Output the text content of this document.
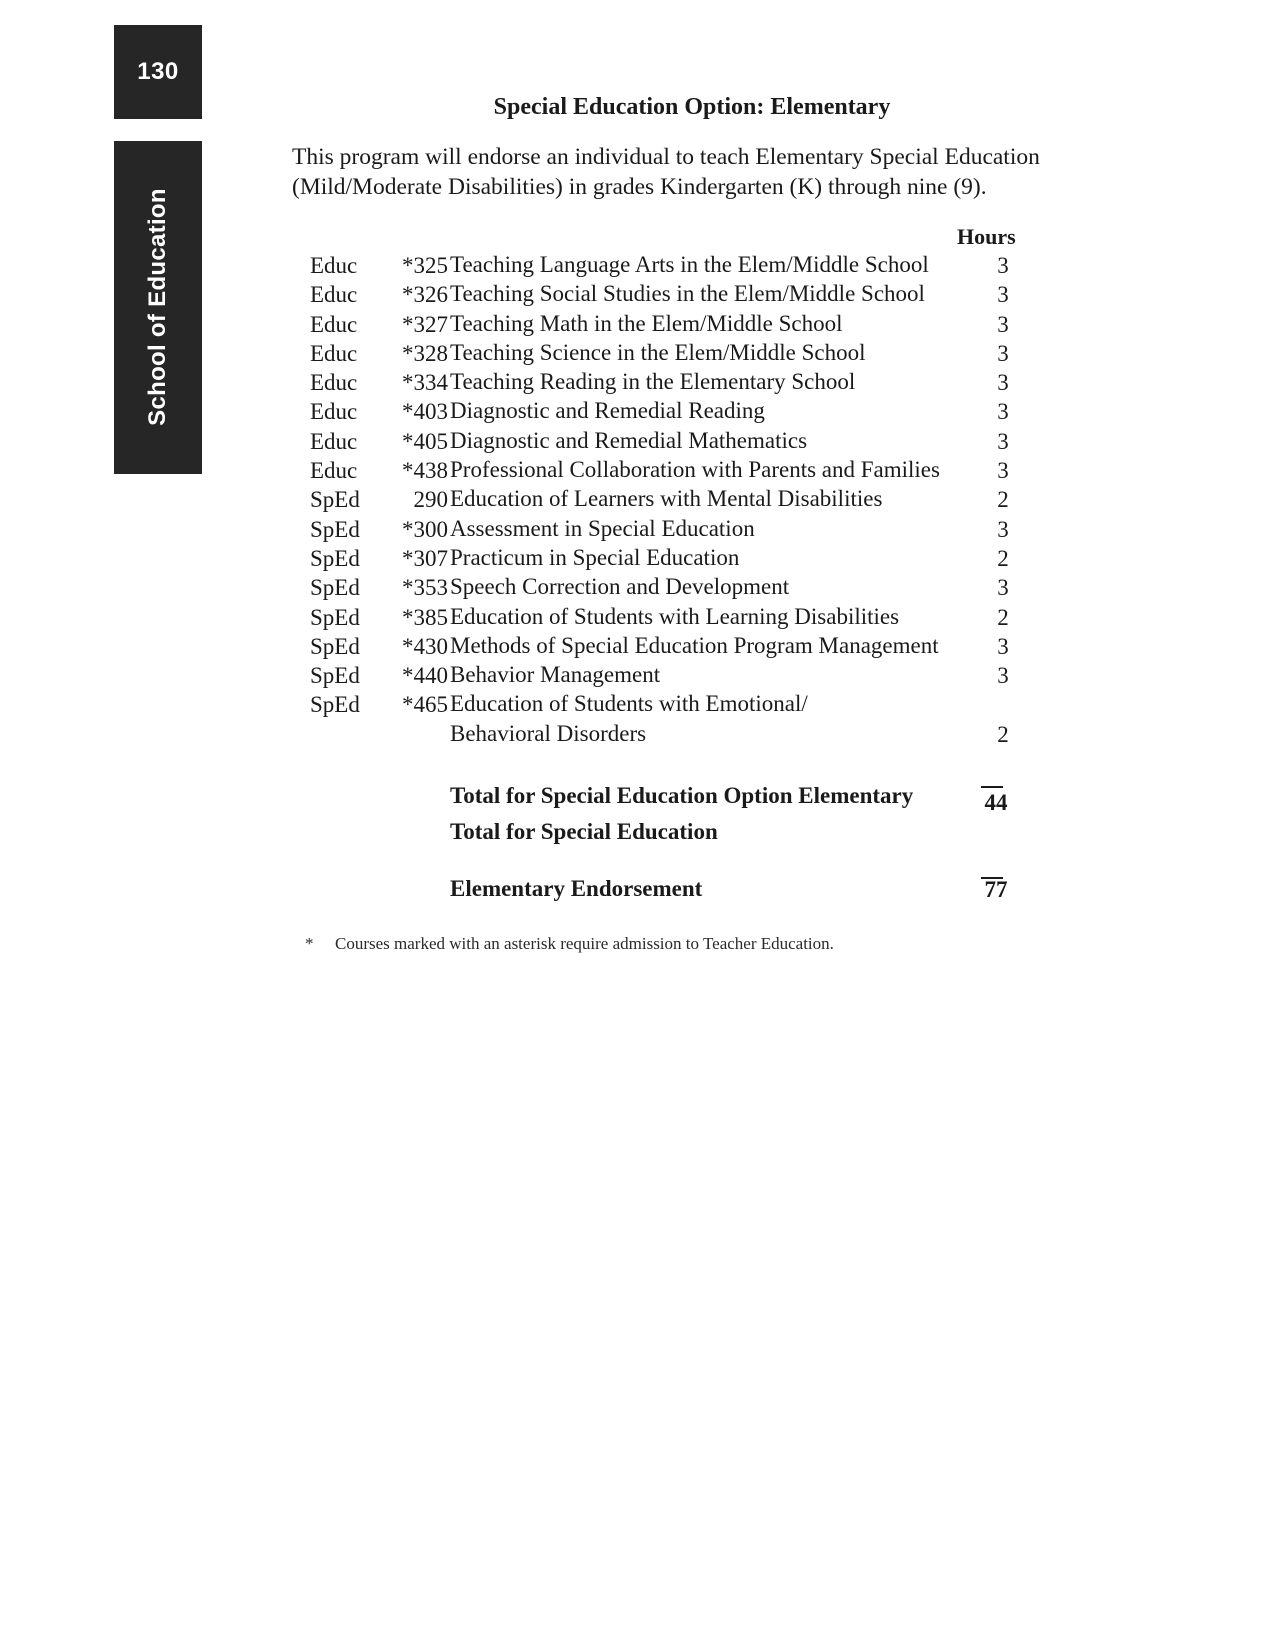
130
School of Education
Special Education Option: Elementary
This program will endorse an individual to teach Elementary Special Education
(Mild/Moderate Disabilities) in grades Kindergarten (K) through nine (9).
Hours
Educ	*325 Teaching Language Arts in the Elem/Middle School	3
Educ	*326 Teaching Social Studies in the Elem/Middle School	3
Educ	*327 Teaching Math in the Elem/Middle School	3
Educ	*328 Teaching Science in the Elem/Middle School	3
Educ	*334 Teaching Reading in the Elementary School	3
Educ	*403 Diagnostic and Remedial Reading	3
Educ	*405 Diagnostic and Remedial Mathematics	3
Educ	*438 Professional Collaboration with Parents and Families	3
SpEd	290 Education of Learners with Mental Disabilities	2
SpEd	*300 Assessment in Special Education	3
SpEd	*307 Practicum in Special Education	2
SpEd	*353 Speech Correction and Development	3
SpEd	*385 Education of Students with Learning Disabilities	2
SpEd	*430 Methods of Special Education Program Management	3
SpEd	*440 Behavior Management	3
SpEd	*465 Education of Students with Emotional/
Behavioral Disorders	2
Total for Special Education Option Elementary	44
Total for Special Education
Elementary Endorsement	77
* Courses marked with an asterisk require admission to Teacher Education.
